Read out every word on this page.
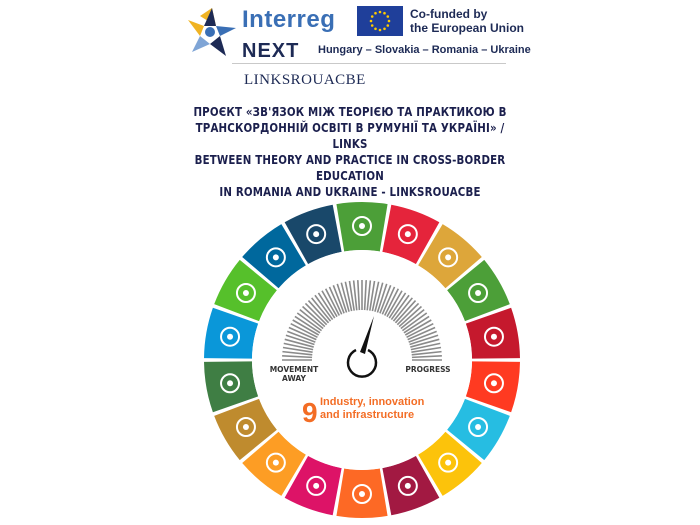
Interreg	Co-funded by
the European Union
NEXT Hungary – Slovakia – Romania – Ukraine
LINKSROUACBE
ПРОЄКТ «ЗВ'ЯЗОК МІЖ ТЕОРІЄЮ ТА ПРАКТИКОЮ В
ТРАНСКОРДОННІЙ ОСВІТІ В РУМУНІЇ ТА УКРАЇНІ» / LINKS
BETWEEN THEORY AND PRACTICE IN CROSS-BORDER EDUCATION
IN ROMANIA AND UKRAINE - LINKSROUACBE
MOVEMENT
AWAY
PROGRESS
9 Industry, innovation
and infrastructure
